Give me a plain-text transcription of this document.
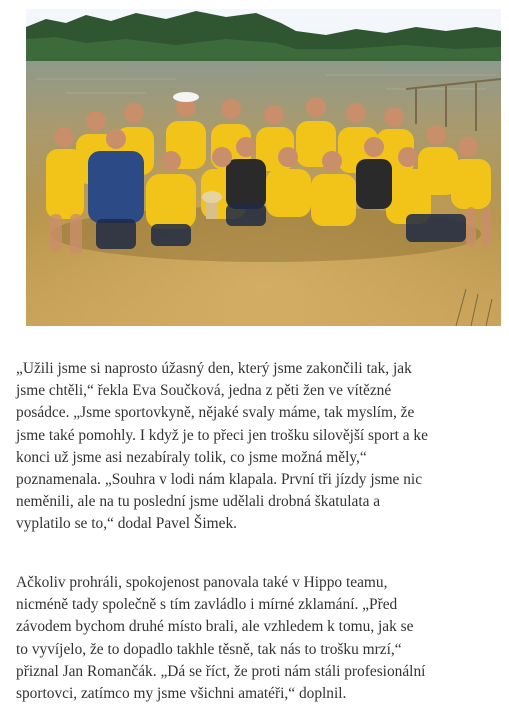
„Užili jsme si naprosto úžasný den, který jsme zakončili tak, jak
jsme chtěli,“ řekla Eva Součková, jedna z pěti žen ve vítězné
posádce. „Jsme sportovkyně, nějaké svaly máme, tak myslím, že
jsme také pomohly. I když je to přeci jen trošku silovější sport a ke
konci už jsme asi nezabíraly tolik, co jsme možná měly,“
poznamenala. „Souhra v lodi nám klapala. První tři jízdy jsme nic
neměnili, ale na tu poslední jsme udělali drobná škatulata a
vyplatilo se to,“ dodal Pavel Šimek.

Ačkoliv prohráli, spokojenost panovala také v Hippo teamu,
nicméně tady společně s tím zavládlo i mírné zklamání. „Před
závodem bychom druhé místo brali, ale vzhledem k tomu, jak se
to vyvíjelo, že to dopadlo takhle těsně, tak nás to trošku mrzí,“
přiznal Jan Romančák. „Dá se říct, že proti nám stáli profesionální
sportovci, zatímco my jsme všichni amatéři,“ doplnil.
